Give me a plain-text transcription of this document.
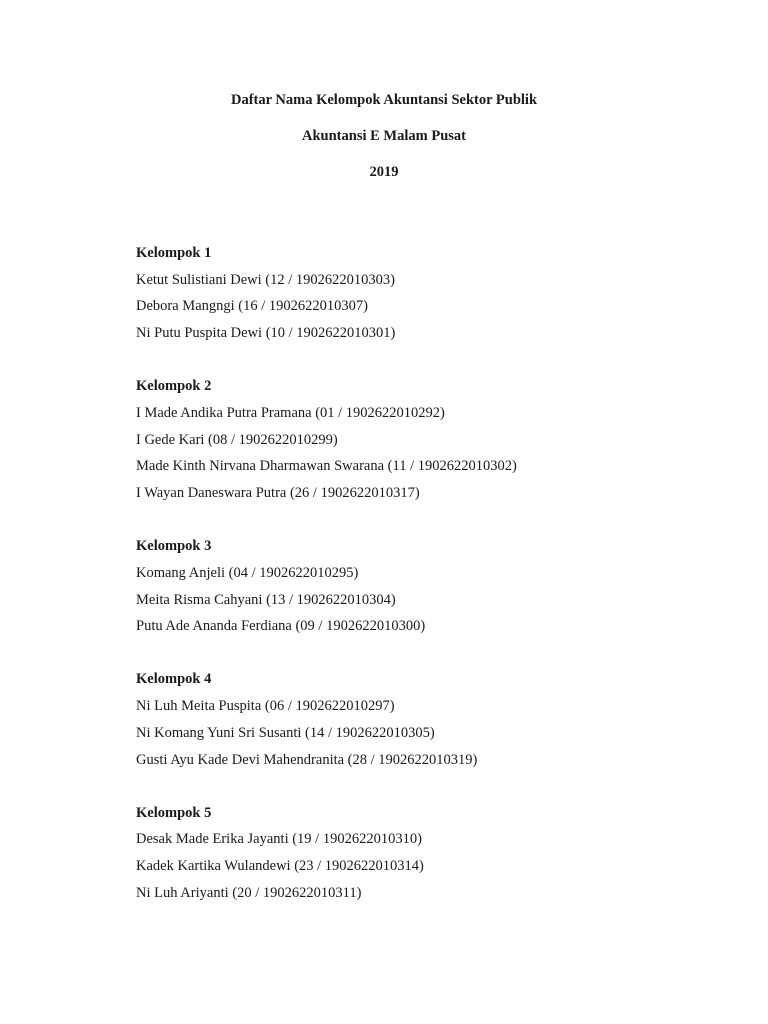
Daftar Nama Kelompok Akuntansi Sektor Publik
Akuntansi E Malam Pusat
2019
Kelompok 1
Ketut Sulistiani Dewi (12 / 1902622010303)
Debora Mangngi (16 / 1902622010307)
Ni Putu Puspita Dewi (10 / 1902622010301)
Kelompok 2
I Made Andika Putra Pramana (01 / 1902622010292)
I Gede Kari (08 / 1902622010299)
Made Kinth Nirvana Dharmawan Swarana (11 / 1902622010302)
I Wayan Daneswara Putra (26 / 1902622010317)
Kelompok 3
Komang Anjeli (04 / 1902622010295)
Meita Risma Cahyani (13 / 1902622010304)
Putu Ade Ananda Ferdiana (09 / 1902622010300)
Kelompok 4
Ni Luh Meita Puspita (06 / 1902622010297)
Ni Komang Yuni Sri Susanti (14 / 1902622010305)
Gusti Ayu Kade Devi Mahendranita (28 / 1902622010319)
Kelompok 5
Desak Made Erika Jayanti (19 / 1902622010310)
Kadek Kartika Wulandewi (23 / 1902622010314)
Ni Luh Ariyanti (20 / 1902622010311)
